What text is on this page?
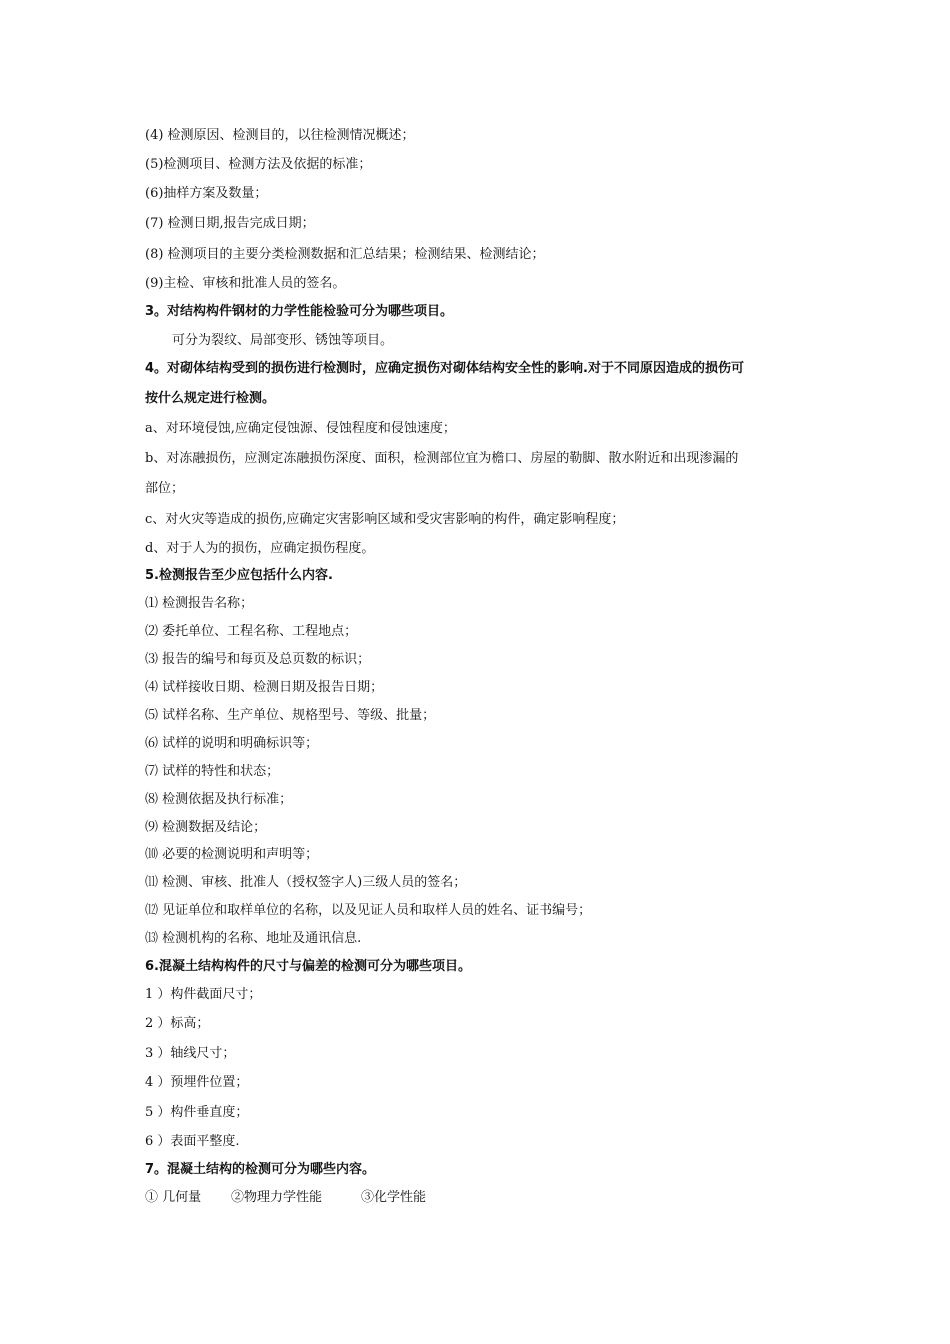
(4) 检测原因、检测目的，以往检测情况概述；
(5)检测项目、检测方法及依据的标准；
(6)抽样方案及数量；
(7) 检测日期,报告完成日期；
(8) 检测项目的主要分类检测数据和汇总结果；检测结果、检测结论；
(9)主检、审核和批准人员的签名。
3。对结构构件钢材的力学性能检验可分为哪些项目。
可分为裂纹、局部变形、锈蚀等项目。
4。对砌体结构受到的损伤进行检测时，应确定损伤对砌体结构安全性的影响.对于不同原因造成的损伤可
按什么规定进行检测。
a、对环境侵蚀,应确定侵蚀源、侵蚀程度和侵蚀速度；
b、对冻融损伤，应测定冻融损伤深度、面积，检测部位宜为檐口、房屋的勒脚、散水附近和出现渗漏的
部位；
c、对火灾等造成的损伤,应确定灾害影响区域和受灾害影响的构件，确定影响程度；
d、对于人为的损伤，应确定损伤程度。
5.检测报告至少应包括什么内容.
⑴ 检测报告名称；
⑵ 委托单位、工程名称、工程地点；
⑶ 报告的编号和每页及总页数的标识；
⑷ 试样接收日期、检测日期及报告日期；
⑸ 试样名称、生产单位、规格型号、等级、批量；
⑹ 试样的说明和明确标识等；
⑺ 试样的特性和状态；
⑻ 检测依据及执行标准；
⑼ 检测数据及结论；
⑽ 必要的检测说明和声明等；
⑾ 检测、审核、批准人（授权签字人)三级人员的签名；
⑿ 见证单位和取样单位的名称，以及见证人员和取样人员的姓名、证书编号；
⒀ 检测机构的名称、地址及通讯信息.
6.混凝土结构构件的尺寸与偏差的检测可分为哪些项目。
1 ）构件截面尺寸；
2 ）标高；
3 ）轴线尺寸；
4 ）预埋件位置；
5 ）构件垂直度；
6 ）表面平整度.
7。混凝土结构的检测可分为哪些内容。
① 几何量 ②物理力学性能	③化学性能
